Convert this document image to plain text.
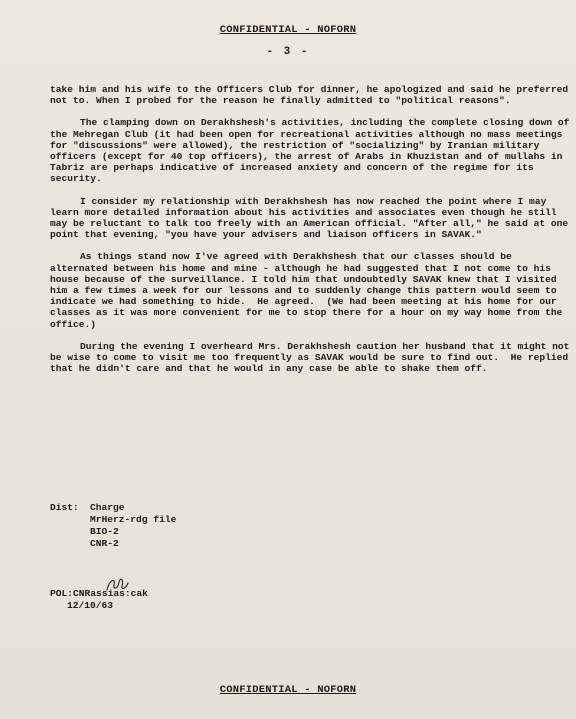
CONFIDENTIAL - NOFORN
- 3 -

take him and his wife to the Officers Club for dinner, he apologized and said he preferred not to. When I probed for the reason he finally admitted to "political reasons".

The clamping down on Derakhshesh's activities, including the complete closing down of the Mehregan Club (it had been open for recreational activities although no mass meetings for "discussions" were allowed), the restriction of "socializing" by Iranian military officers (except for 40 top officers), the arrest of Arabs in Khuzistan and of mullahs in Tabriz are perhaps indicative of increased anxiety and concern of the regime for its security.

I consider my relationship with Derakhshesh has now reached the point where I may learn more detailed information about his activities and associates even though he still may be reluctant to talk too freely with an American official. "After all," he said at one point that evening, "you have your advisers and liaison officers in SAVAK."

As things stand now I've agreed with Derakhshesh that our classes should be alternated between his home and mine - although he had suggested that I not come to his house because of the surveillance. I told him that undoubtedly SAVAK knew that I visited him a few times a week for our lessons and to suddenly change this pattern would seem to indicate we had something to hide.  He agreed.  (We had been meeting at his home for our classes as it was more convenient for me to stop there for a hour on my way home from the office.)

During the evening I overheard Mrs. Derakhshesh caution her husband that it might not be wise to come to visit me too frequently as SAVAK would be sure to find out.  He replied that he didn't care and that he would in any case be able to shake them off.

Dist: Charge
MrHerz-rdg file
BIO-2
CNR-2
POL:CNRassias:cak
12/10/63
CONFIDENTIAL - NOFORN
